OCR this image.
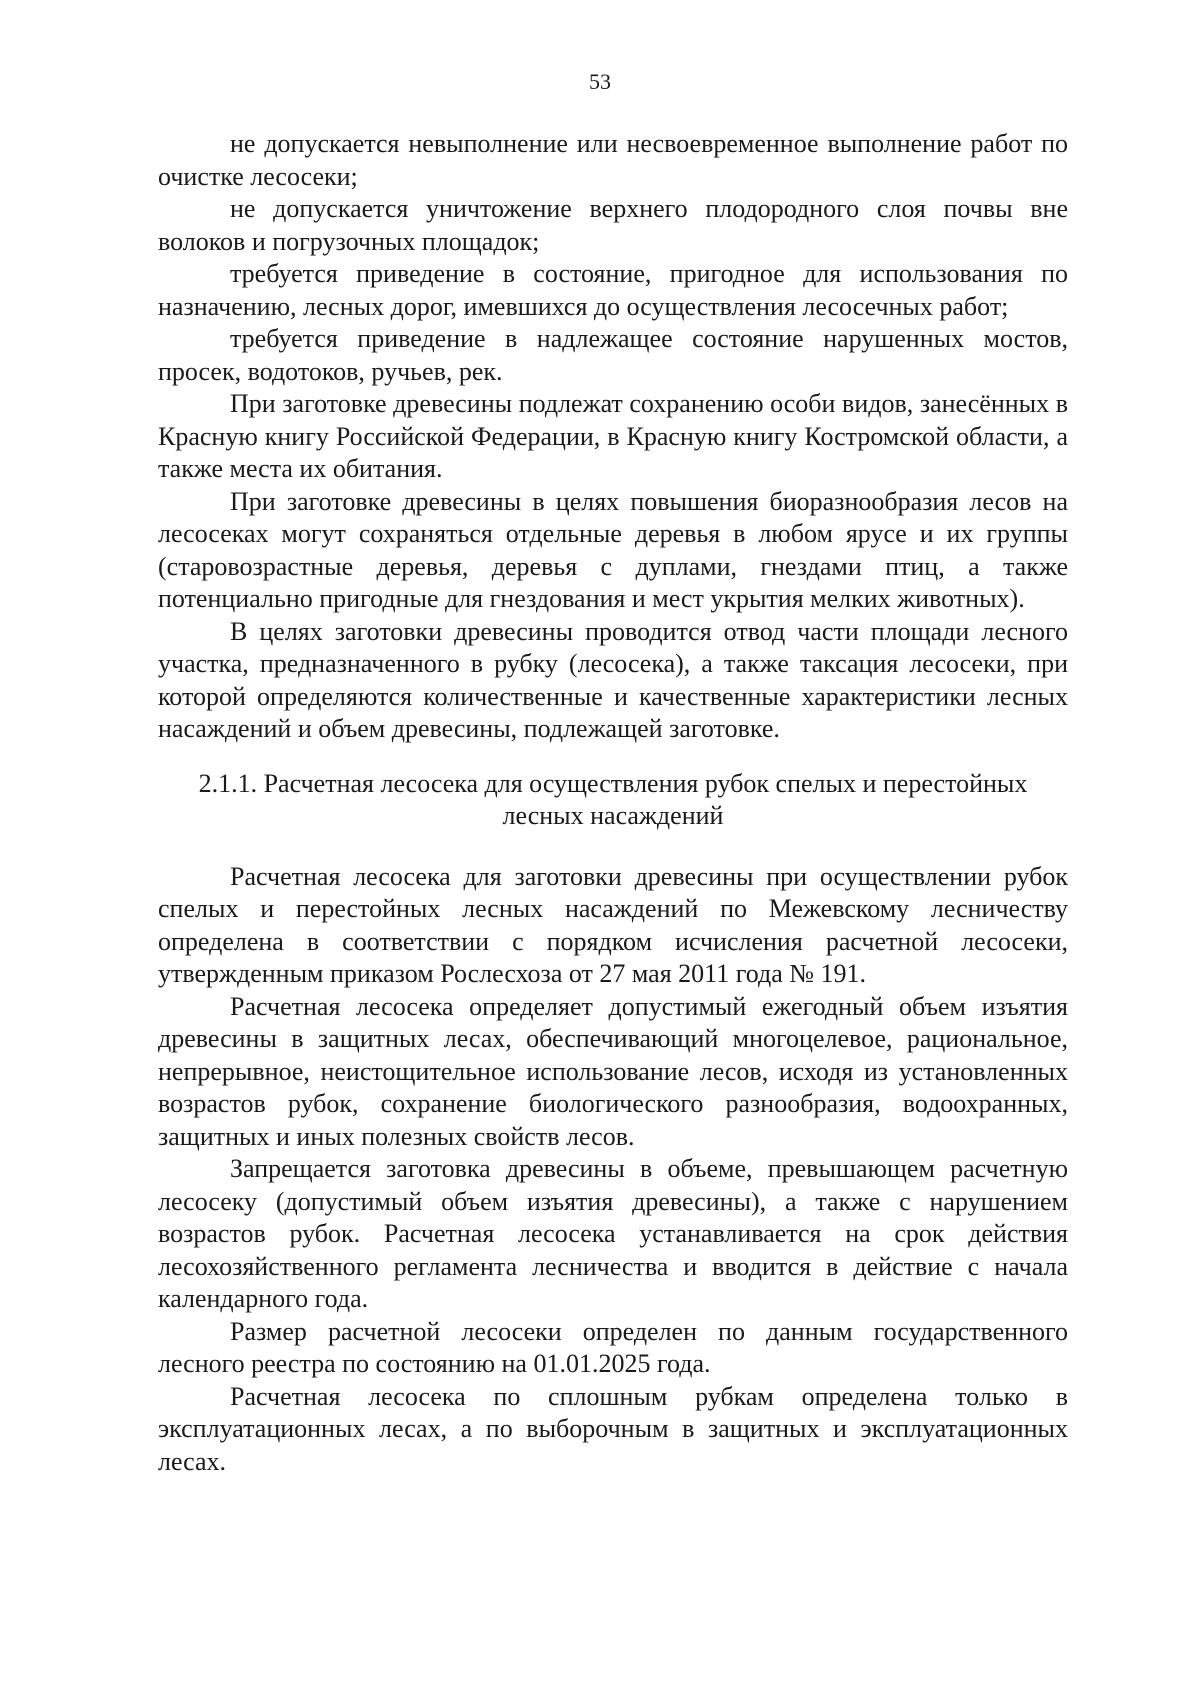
53

не допускается невыполнение или несвоевременное выполнение работ по очистке лесосеки;

не допускается уничтожение верхнего плодородного слоя почвы вне волоков и погрузочных площадок;

требуется приведение в состояние, пригодное для использования по назначению, лесных дорог, имевшихся до осуществления лесосечных работ;

требуется приведение в надлежащее состояние нарушенных мостов, просек, водотоков, ручьев, рек.

При заготовке древесины подлежат сохранению особи видов, занесённых в Красную книгу Российской Федерации, в Красную книгу Костромской области, а также места их обитания.

При заготовке древесины в целях повышения биоразнообразия лесов на лесосеках могут сохраняться отдельные деревья в любом ярусе и их группы (старовозрастные деревья, деревья с дуплами, гнездами птиц, а также потенциально пригодные для гнездования и мест укрытия мелких животных).

В целях заготовки древесины проводится отвод части площади лесного участка, предназначенного в рубку (лесосека), а также таксация лесосеки, при которой определяются количественные и качественные характеристики лесных насаждений и объем древесины, подлежащей заготовке.

2.1.1. Расчетная лесосека для осуществления рубок спелых и перестойных лесных насаждений

Расчетная лесосека для заготовки древесины при осуществлении рубок спелых и перестойных лесных насаждений по Межевскому лесничеству определена в соответствии с порядком исчисления расчетной лесосеки, утвержденным приказом Рослесхоза от 27 мая 2011 года № 191.

Расчетная лесосека определяет допустимый ежегодный объем изъятия древесины в защитных лесах, обеспечивающий многоцелевое, рациональное, непрерывное, неистощительное использование лесов, исходя из установленных возрастов рубок, сохранение биологического разнообразия, водоохранных, защитных и иных полезных свойств лесов.

Запрещается заготовка древесины в объеме, превышающем расчетную лесосеку (допустимый объем изъятия древесины), а также с нарушением возрастов рубок. Расчетная лесосека устанавливается на срок действия лесохозяйственного регламента лесничества и вводится в действие с начала календарного года.

Размер расчетной лесосеки определен по данным государственного лесного реестра по состоянию на 01.01.2025 года.

Расчетная лесосека по сплошным рубкам определена только в эксплуатационных лесах, а по выборочным в защитных и эксплуатационных лесах.
